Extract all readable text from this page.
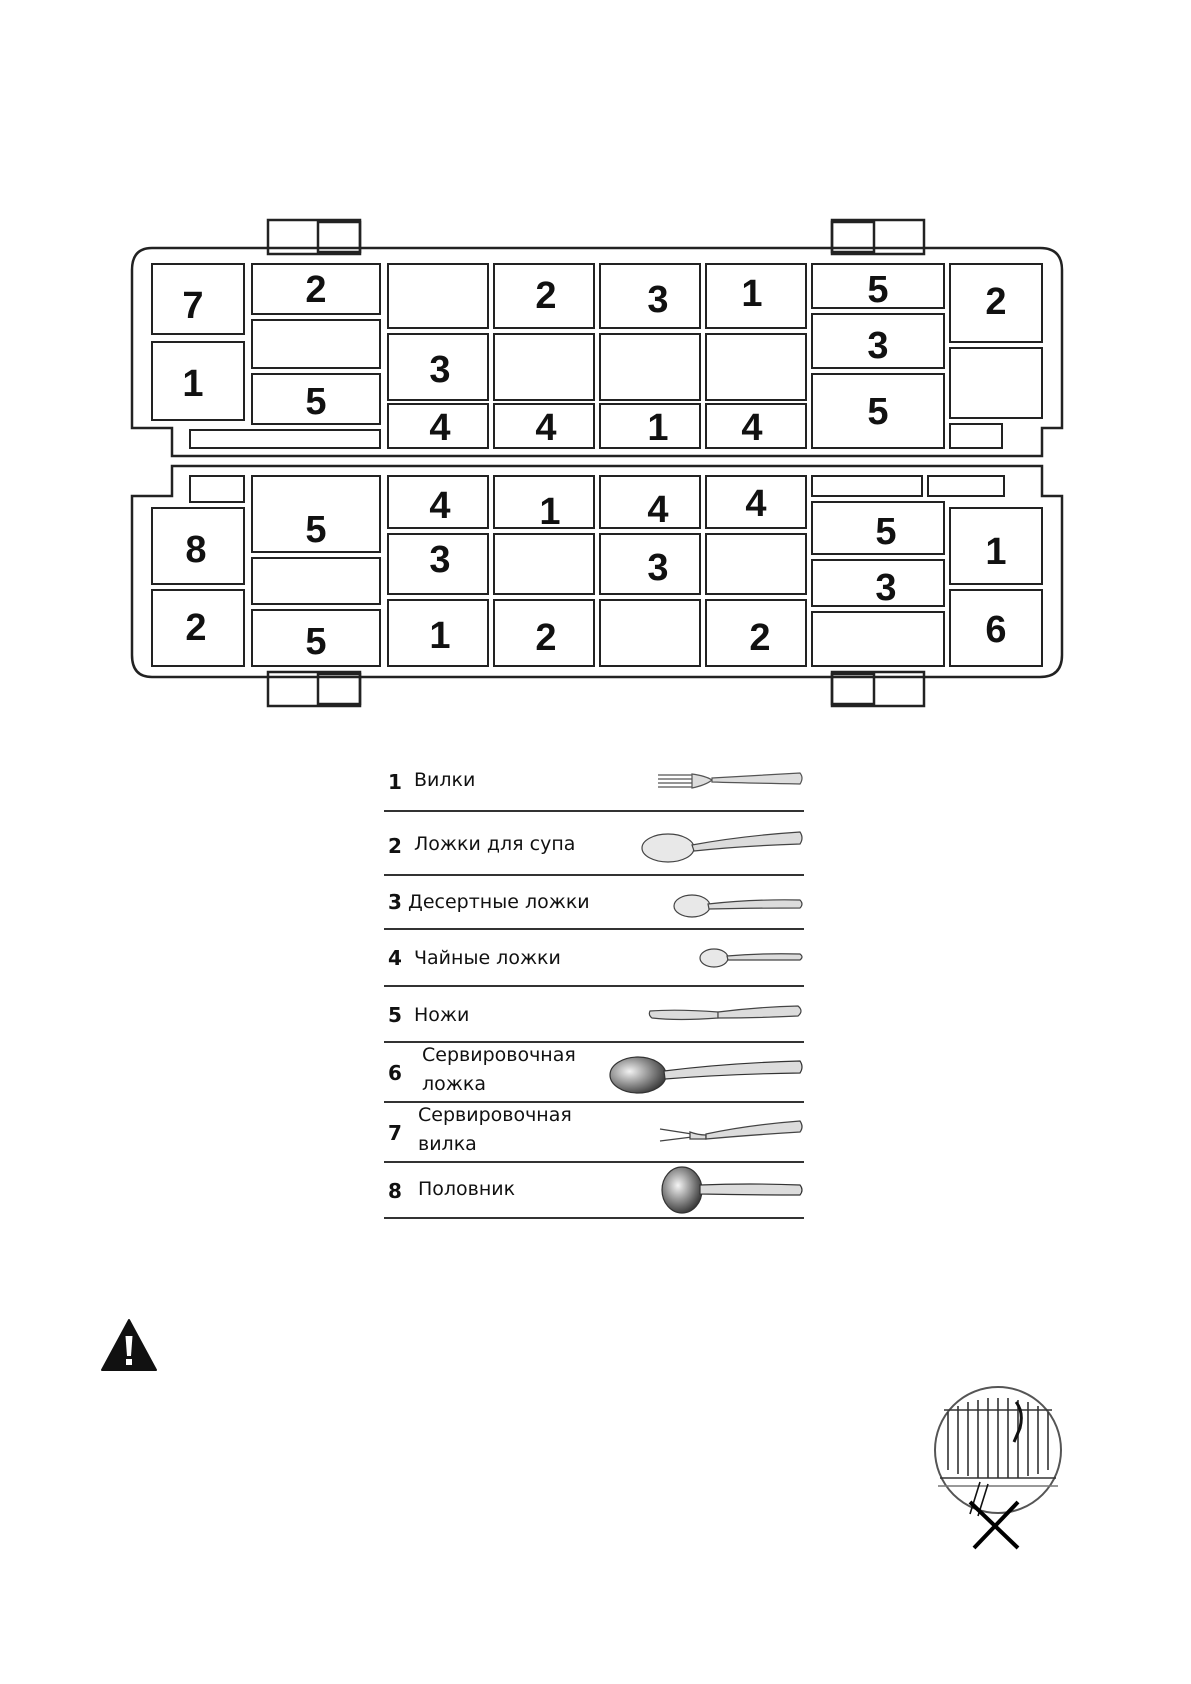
7
1
2
5
3
4
2
4
3
1
1
4
5
3
5
2
8
2
5
5
4
3
1
1
2
4
3
4
2
5
3
1
6
1 Вилки
2 Ложки для супа
3 Десертные ложки
4 Чайные ложки
5 Ножи
6
Сервировочная ложка
7
Сервировочная вилка
8 Половник
